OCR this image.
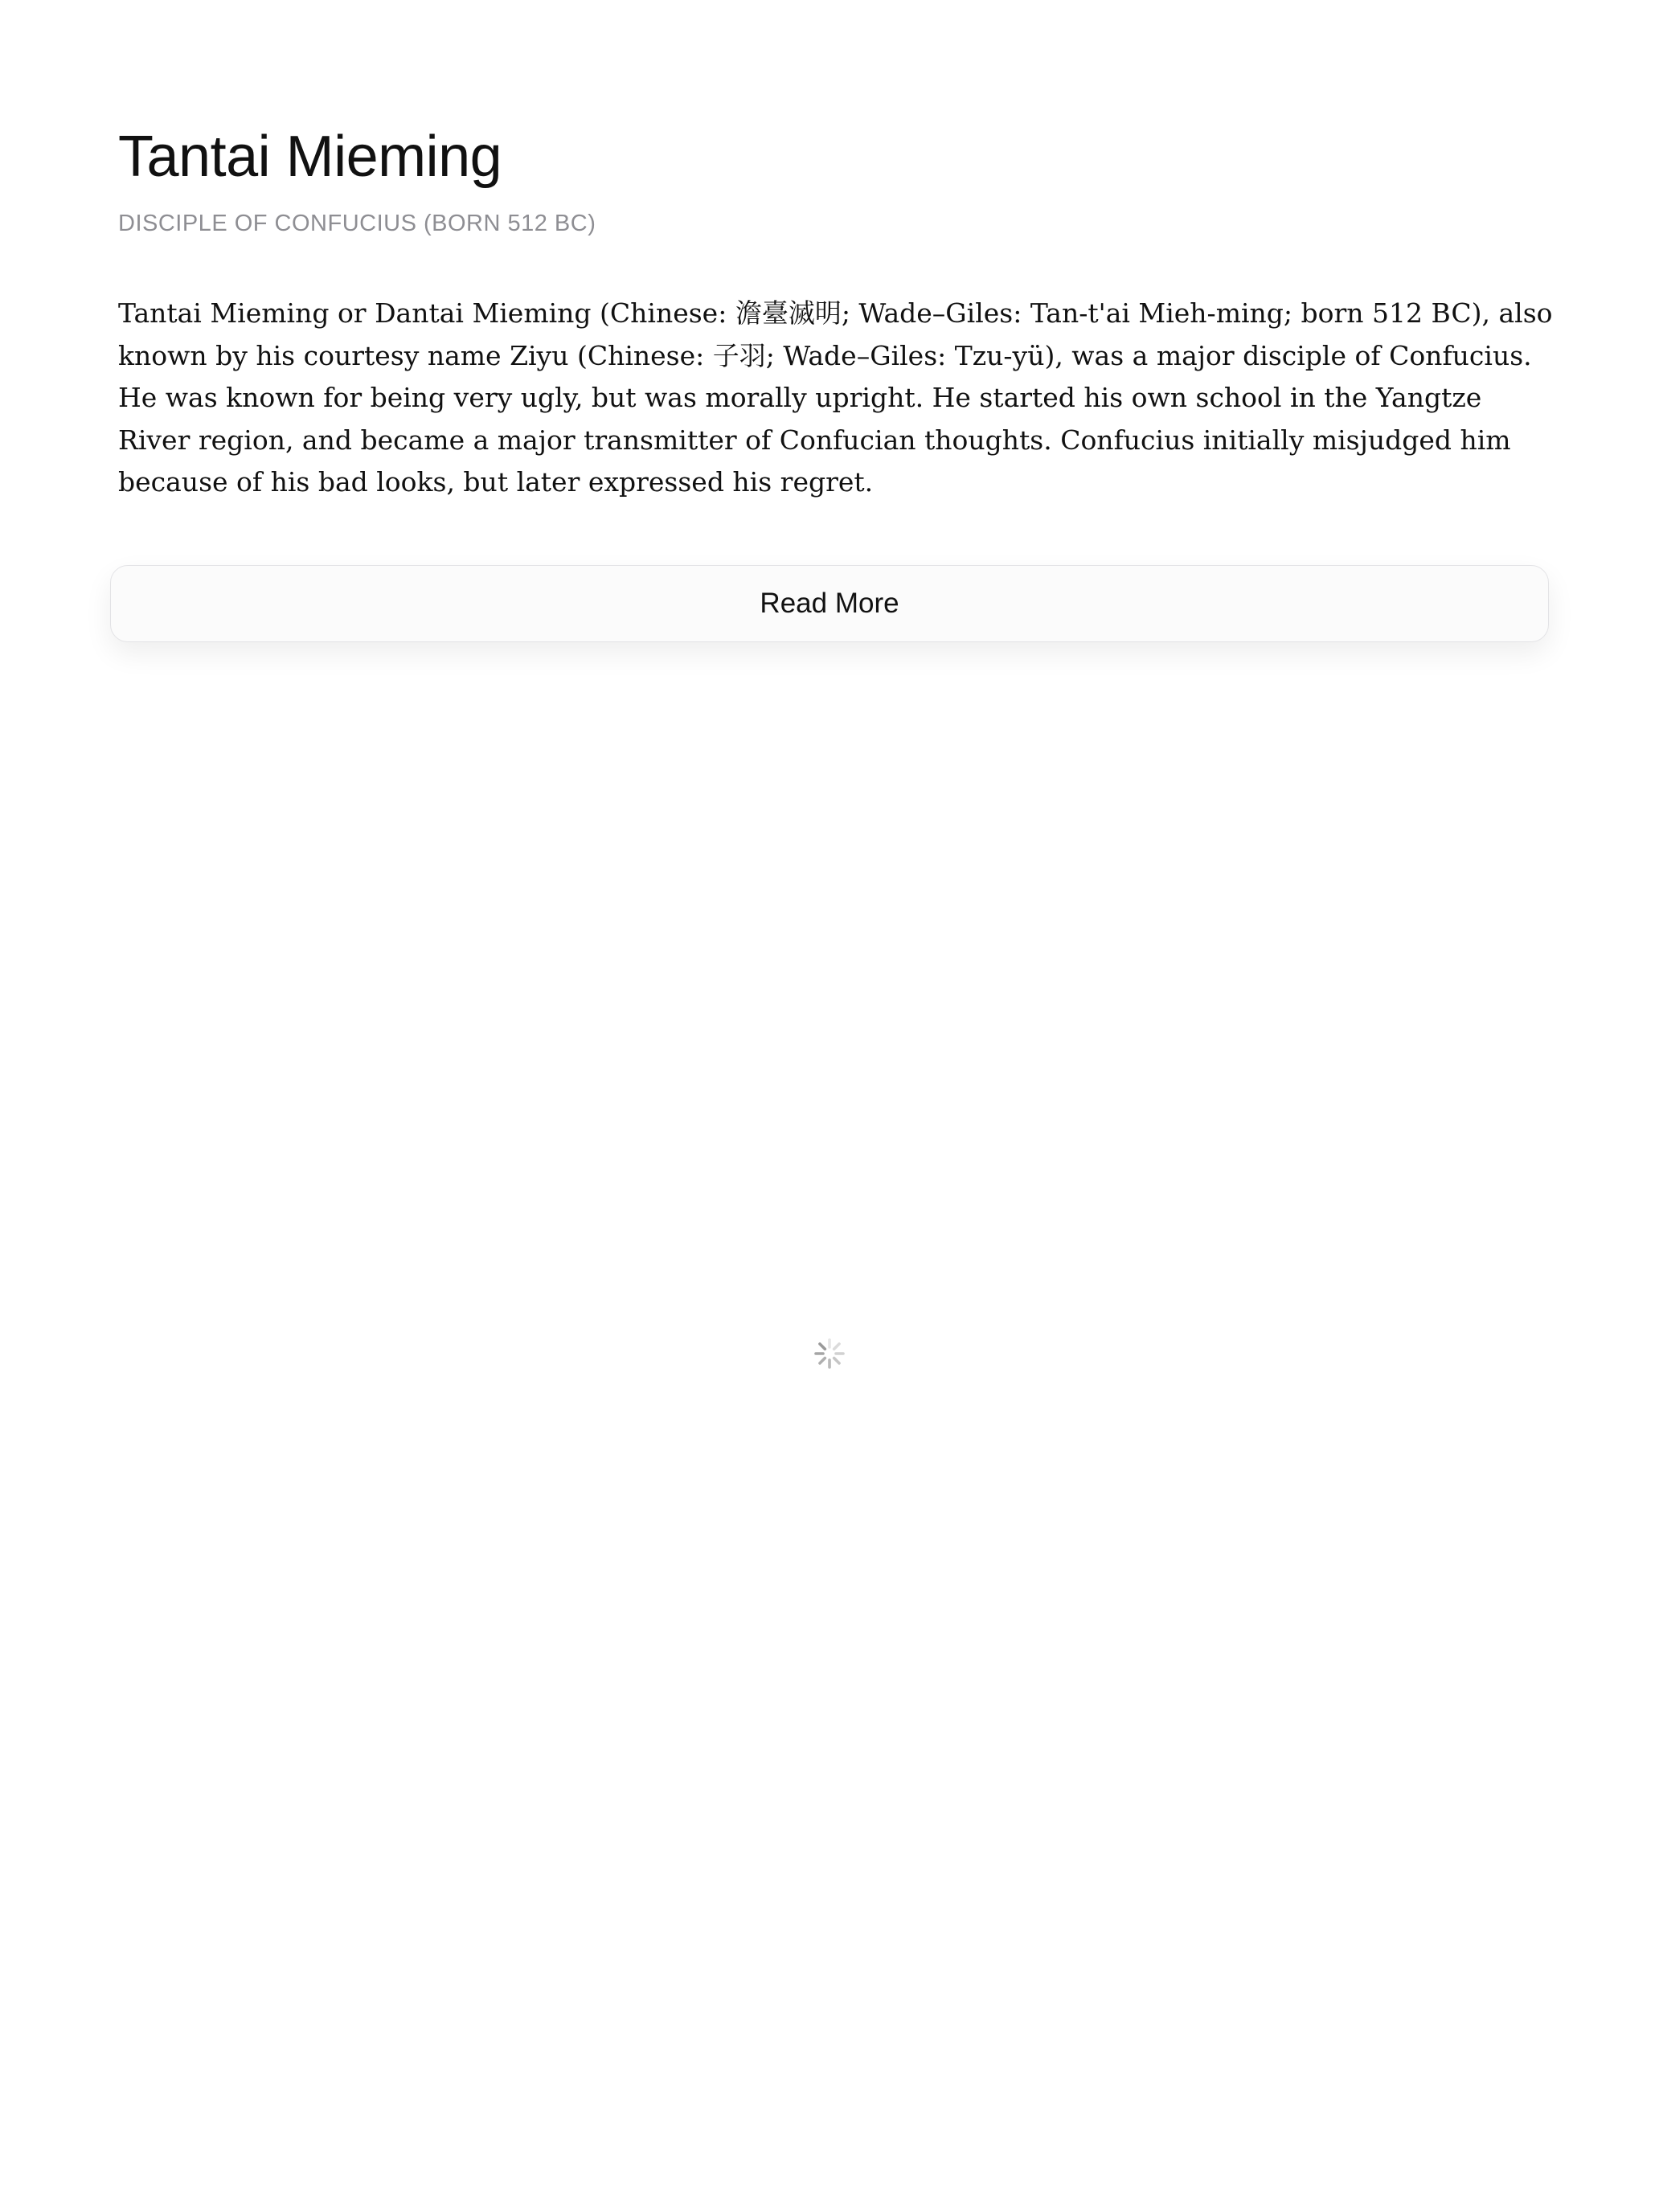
Tantai Mieming
DISCIPLE OF CONFUCIUS (BORN 512 BC)

Tantai Mieming or Dantai Mieming (Chinese: 澹臺滅明; Wade–Giles: Tan-t'ai Mieh-ming; born 512 BC), also known by his courtesy name Ziyu (Chinese: 子羽; Wade–Giles: Tzu-yü), was a major disciple of Confucius. He was known for being very ugly, but was morally upright. He started his own school in the Yangtze River region, and became a major transmitter of Confucian thoughts. Confucius initially misjudged him because of his bad looks, but later expressed his regret.

Read More
